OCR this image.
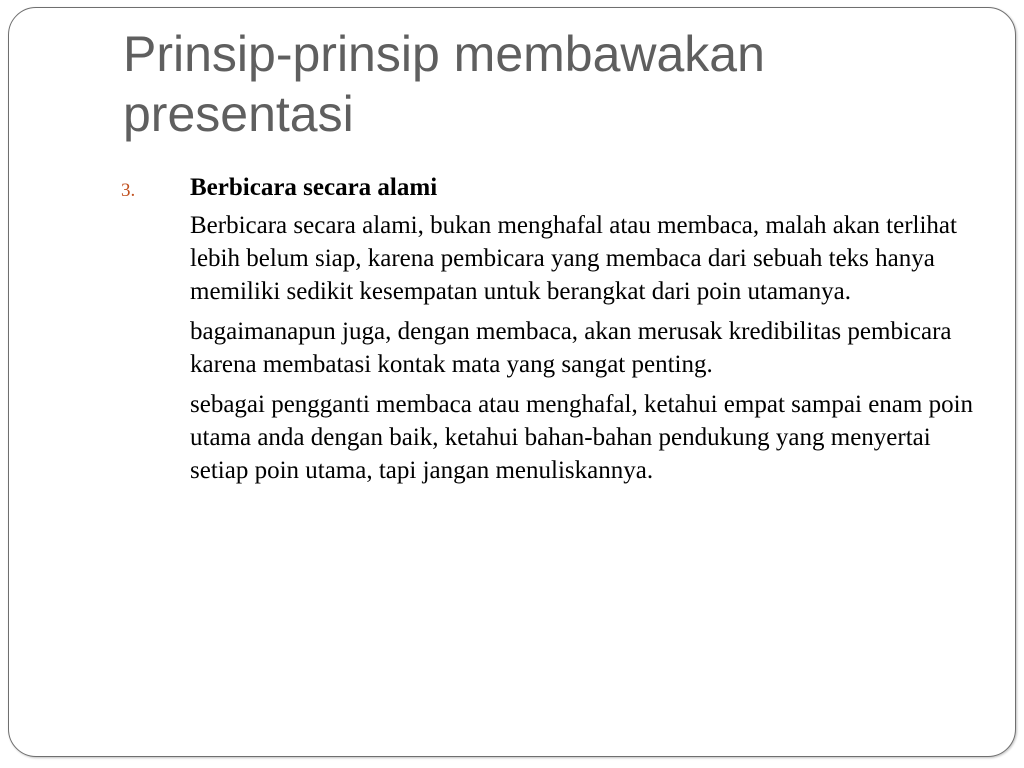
Prinsip-prinsip membawakan presentasi
3. Berbicara secara alami

Berbicara secara alami, bukan menghafal atau membaca, malah akan terlihat lebih belum siap, karena pembicara yang membaca dari sebuah teks hanya memiliki sedikit kesempatan untuk berangkat dari poin utamanya.

bagaimanapun juga, dengan membaca, akan merusak kredibilitas pembicara karena membatasi kontak mata yang sangat penting.

sebagai pengganti membaca atau menghafal, ketahui empat sampai enam poin utama anda dengan baik, ketahui bahan-bahan pendukung yang menyertai setiap poin utama, tapi jangan menuliskannya.
